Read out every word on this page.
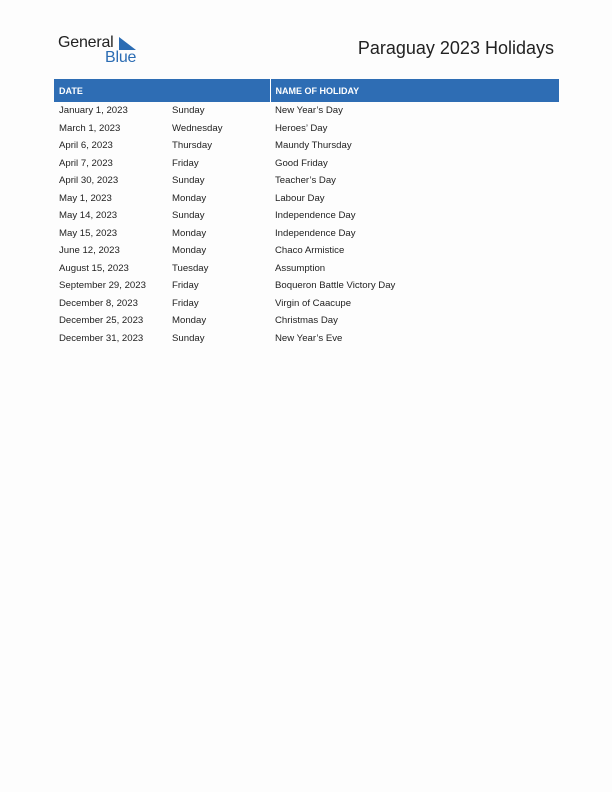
General
Blue	Paraguay 2023 Holidays
DATE		NAME OF HOLIDAY
January 1, 2023	Sunday	New Year’s Day
March 1, 2023	Wednesday	Heroes’ Day
April 6, 2023	Thursday	Maundy Thursday
April 7, 2023	Friday	Good Friday
April 30, 2023	Sunday	Teacher’s Day
May 1, 2023	Monday	Labour Day
May 14, 2023	Sunday	Independence Day
May 15, 2023	Monday	Independence Day
June 12, 2023	Monday	Chaco Armistice
August 15, 2023	Tuesday	Assumption
September 29, 2023	Friday	Boqueron Battle Victory Day
December 8, 2023	Friday	Virgin of Caacupe
December 25, 2023	Monday	Christmas Day
December 31, 2023	Sunday	New Year’s Eve
